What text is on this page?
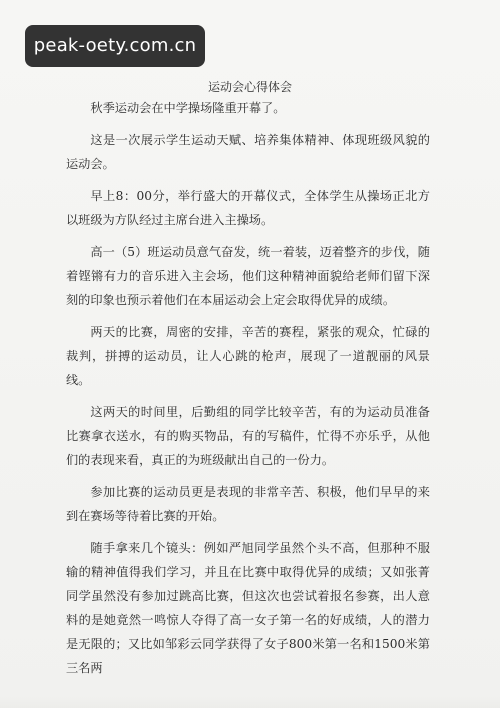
peak-oety.com.cn
运动会心得体会

秋季运动会在中学操场隆重开幕了。

这是一次展示学生运动天赋、培养集体精神、体现班级风貌的运动会。

早上8：00分，举行盛大的开幕仪式，全体学生从操场正北方以班级为方队经过主席台进入主操场。

高一（5）班运动员意气奋发，统一着装，迈着整齐的步伐，随着铿锵有力的音乐进入主会场，他们这种精神面貌给老师们留下深刻的印象也预示着他们在本届运动会上定会取得优异的成绩。

两天的比赛，周密的安排，辛苦的赛程，紧张的观众，忙碌的裁判，拼搏的运动员，让人心跳的枪声，展现了一道靓丽的风景线。

这两天的时间里，后勤组的同学比较辛苦，有的为运动员准备比赛拿衣送水，有的购买物品，有的写稿件，忙得不亦乐乎，从他们的表现来看，真正的为班级献出自己的一份力。

参加比赛的运动员更是表现的非常辛苦、积极，他们早早的来到在赛场等待着比赛的开始。

随手拿来几个镜头：例如严旭同学虽然个头不高，但那种不服输的精神值得我们学习，并且在比赛中取得优异的成绩；又如张菁同学虽然没有参加过跳高比赛，但这次也尝试着报名参赛，出人意料的是她竟然一鸣惊人夺得了高一女子第一名的好成绩，人的潜力是无限的；又比如邹彩云同学获得了女子800米第一名和1500米第三名两
